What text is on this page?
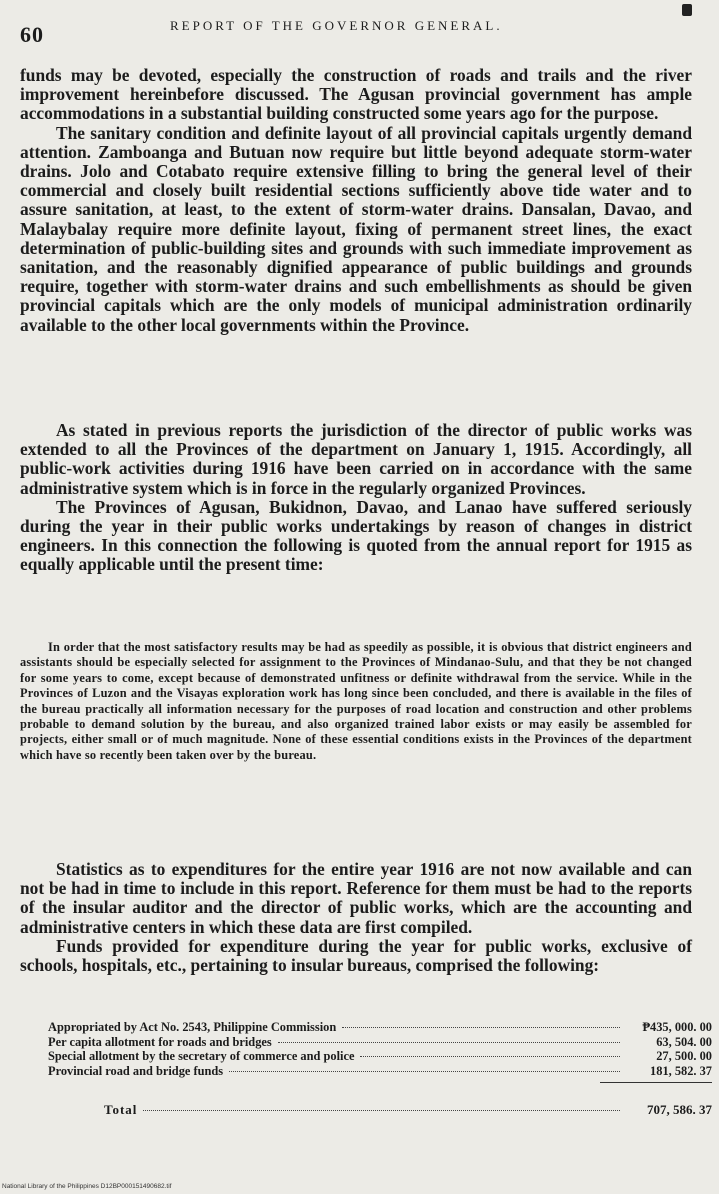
60	REPORT OF THE GOVERNOR GENERAL.

funds may be devoted, especially the construction of roads and trails and the river improvement hereinbefore discussed. The Agusan provincial government has ample accommodations in a substantial building constructed some years ago for the purpose.

The sanitary condition and definite layout of all provincial capitals urgently demand attention. Zamboanga and Butuan now require but little beyond adequate storm-water drains. Jolo and Cotabato require extensive filling to bring the general level of their commercial and closely built residential sections sufficiently above tide water and to assure sanitation, at least, to the extent of storm-water drains. Dansalan, Davao, and Malaybalay require more definite layout, fixing of permanent street lines, the exact determination of public-building sites and grounds with such immediate improvement as sanitation, and the reasonably dignified appearance of public buildings and grounds require, together with storm-water drains and such embellishments as should be given provincial capitals which are the only models of municipal administration ordinarily available to the other local governments within the Province.

As stated in previous reports the jurisdiction of the director of public works was extended to all the Provinces of the department on January 1, 1915. Accordingly, all public-work activities during 1916 have been carried on in accordance with the same administrative system which is in force in the regularly organized Provinces.

The Provinces of Agusan, Bukidnon, Davao, and Lanao have suffered seriously during the year in their public works undertakings by reason of changes in district engineers. In this connection the following is quoted from the annual report for 1915 as equally applicable until the present time:

In order that the most satisfactory results may be had as speedily as possible, it is obvious that district engineers and assistants should be especially selected for assignment to the Provinces of Mindanao-Sulu, and that they be not changed for some years to come, except because of demonstrated unfitness or definite withdrawal from the service. While in the Provinces of Luzon and the Visayas exploration work has long since been concluded, and there is available in the files of the bureau practically all information necessary for the purposes of road location and construction and other problems probable to demand solution by the bureau, and also organized trained labor exists or may easily be assembled for projects, either small or of much magnitude. None of these essential conditions exists in the Provinces of the department which have so recently been taken over by the bureau.

Statistics as to expenditures for the entire year 1916 are not now available and can not be had in time to include in this report. Reference for them must be had to the reports of the insular auditor and the director of public works, which are the accounting and administrative centers in which these data are first compiled.

Funds provided for expenditure during the year for public works, exclusive of schools, hospitals, etc., pertaining to insular bureaus, comprised the following:

Appropriated by Act No. 2543, Philippine Commission	₱435, 000. 00
Per capita allotment for roads and bridges	63, 504. 00
Special allotment by the secretary of commerce and police	27, 500. 00
Provincial road and bridge funds	181, 582. 37
Total	707, 586. 37
National Library of the Philippines D12BP000151490682.tif
